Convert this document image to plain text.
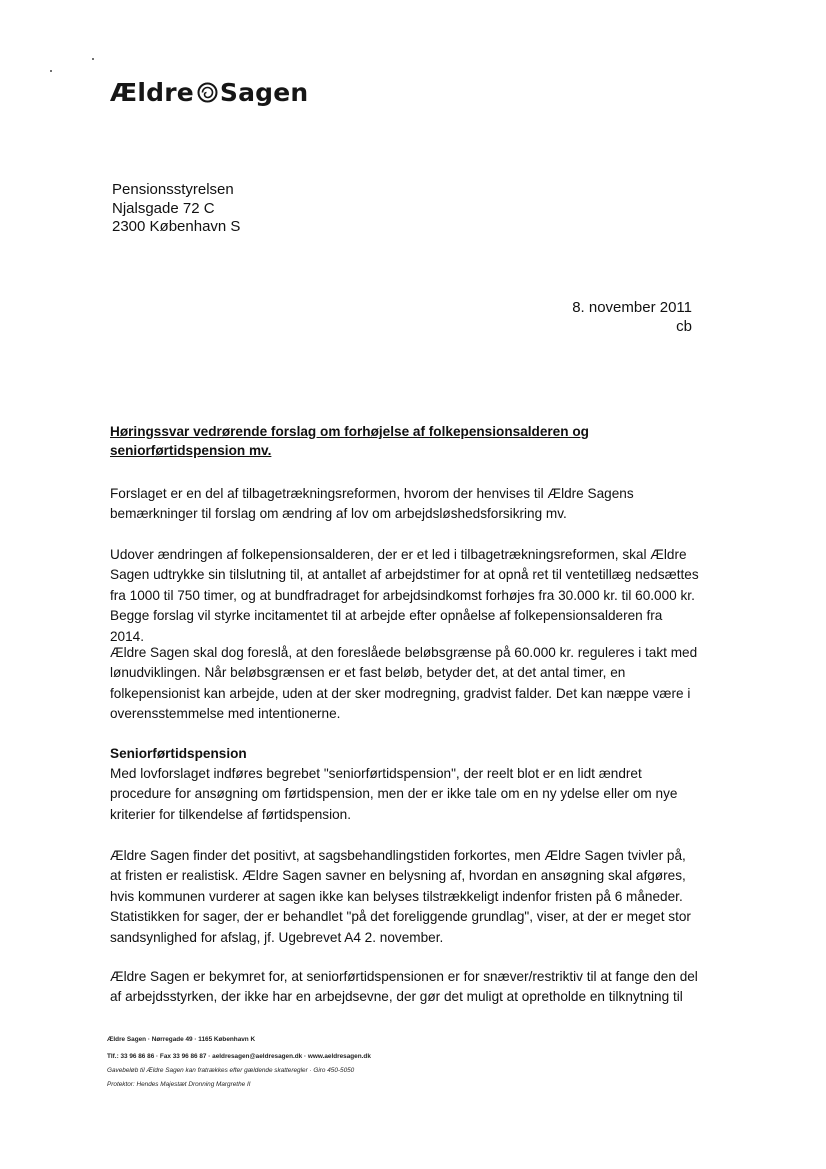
Ældre Sagen
Pensionsstyrelsen
Njalsgade 72 C
2300 København S
8. november 2011
cb
Høringssvar vedrørende forslag om forhøjelse af folkepensionsalderen og seniorførtidspension mv.
Forslaget er en del af tilbagetrækningsreformen, hvorom der henvises til Ældre Sagens bemærkninger til forslag om ændring af lov om arbejdsløshedsforsikring mv.
Udover ændringen af folkepensionsalderen, der er et led i tilbagetrækningsreformen, skal Ældre Sagen udtrykke sin tilslutning til, at antallet af arbejdstimer for at opnå ret til ventetillæg nedsættes fra 1000 til 750 timer, og at bundfradraget for arbejdsindkomst forhøjes fra 30.000 kr. til 60.000 kr. Begge forslag vil styrke incitamentet til at arbejde efter opnåelse af folkepensionsalderen fra 2014.
Ældre Sagen skal dog foreslå, at den foreslåede beløbsgrænse på 60.000 kr. reguleres i takt med lønudviklingen. Når beløbsgrænsen er et fast beløb, betyder det, at det antal timer, en folkepensionist kan arbejde, uden at der sker modregning, gradvist falder. Det kan næppe være i overensstemmelse med intentionerne.
Seniorførtidspension
Med lovforslaget indføres begrebet "seniorførtidspension", der reelt blot er en lidt ændret procedure for ansøgning om førtidspension, men der er ikke tale om en ny ydelse eller om nye kriterier for tilkendelse af førtidspension.
Ældre Sagen finder det positivt, at sagsbehandlingstiden forkortes, men Ældre Sagen tvivler på, at fristen er realistisk. Ældre Sagen savner en belysning af, hvordan en ansøgning skal afgøres, hvis kommunen vurderer at sagen ikke kan belyses tilstrækkeligt indenfor fristen på 6 måneder. Statistikken for sager, der er behandlet "på det foreliggende grundlag", viser, at der er meget stor sandsynlighed for afslag, jf. Ugebrevet A4 2. november.
Ældre Sagen er bekymret for, at seniorførtidspensionen er for snæver/restriktiv til at fange den del af arbejdsstyrken, der ikke har en arbejdsevne, der gør det muligt at opretholde en tilknytning til
Ældre Sagen · Nørregade 49 · 1165 København K
Tlf.: 33 96 86 86 · Fax 33 96 86 87 · aeldresagen@aeldresagen.dk · www.aeldresagen.dk
Gavebeløb til Ældre Sagen kan fratrækkes efter gældende skatteregler · Giro 450-5050
Protektor: Hendes Majestæt Dronning Margrethe II
